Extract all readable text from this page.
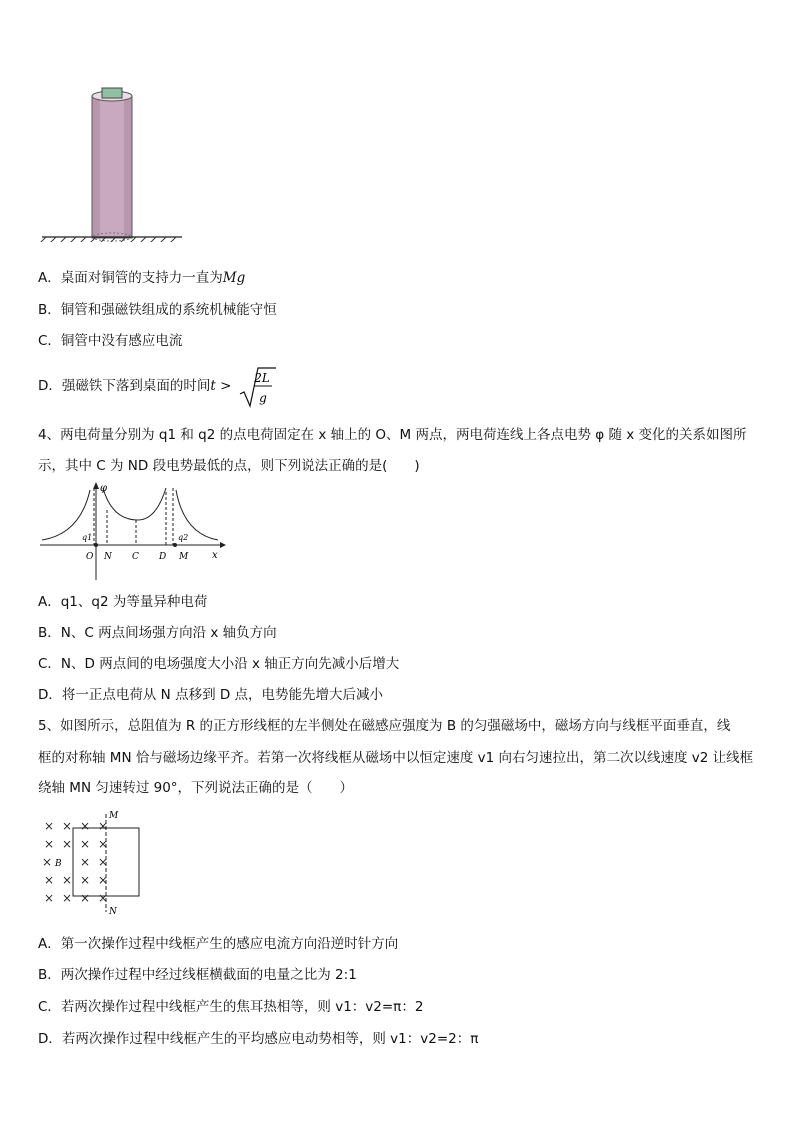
A．桌面对铜管的支持力一直为Mg
B．铜管和强磁铁组成的系统机械能守恒
C．铜管中没有感应电流
D．强磁铁下落到桌面的时间t > 2L
g
4、两电荷量分别为 q1 和 q2 的点电荷固定在 x 轴上的 O、M 两点，两电荷连线上各点电势 φ 随 x 变化的关系如图所
示，其中 C 为 ND 段电势最低的点，则下列说法正确的是(　　)
φ
x
q1	q2
O N C D M
A．q1、q2 为等量异种电荷
B．N、C 两点间场强方向沿 x 轴负方向
C．N、D 两点间的电场强度大小沿 x 轴正方向先减小后增大
D．将一正点电荷从 N 点移到 D 点，电势能先增大后减小
5、如图所示，总阻值为 R 的正方形线框的左半侧处在磁感应强度为 B 的匀强磁场中，磁场方向与线框平面垂直，线
框的对称轴 MN 恰与磁场边缘平齐。若第一次将线框从磁场中以恒定速度 v1 向右匀速拉出，第二次以线速度 v2 让线框
绕轴 MN 匀速转过 90°，下列说法正确的是（　　）
× × × ×
× × × ×
× × ×
× × × ×
× × × ×
B
M
N
A．第一次操作过程中线框产生的感应电流方向沿逆时针方向
B．两次操作过程中经过线框横截面的电量之比为 2:1
C．若两次操作过程中线框产生的焦耳热相等，则 v1：v2=π：2
D．若两次操作过程中线框产生的平均感应电动势相等，则 v1：v2=2：π
